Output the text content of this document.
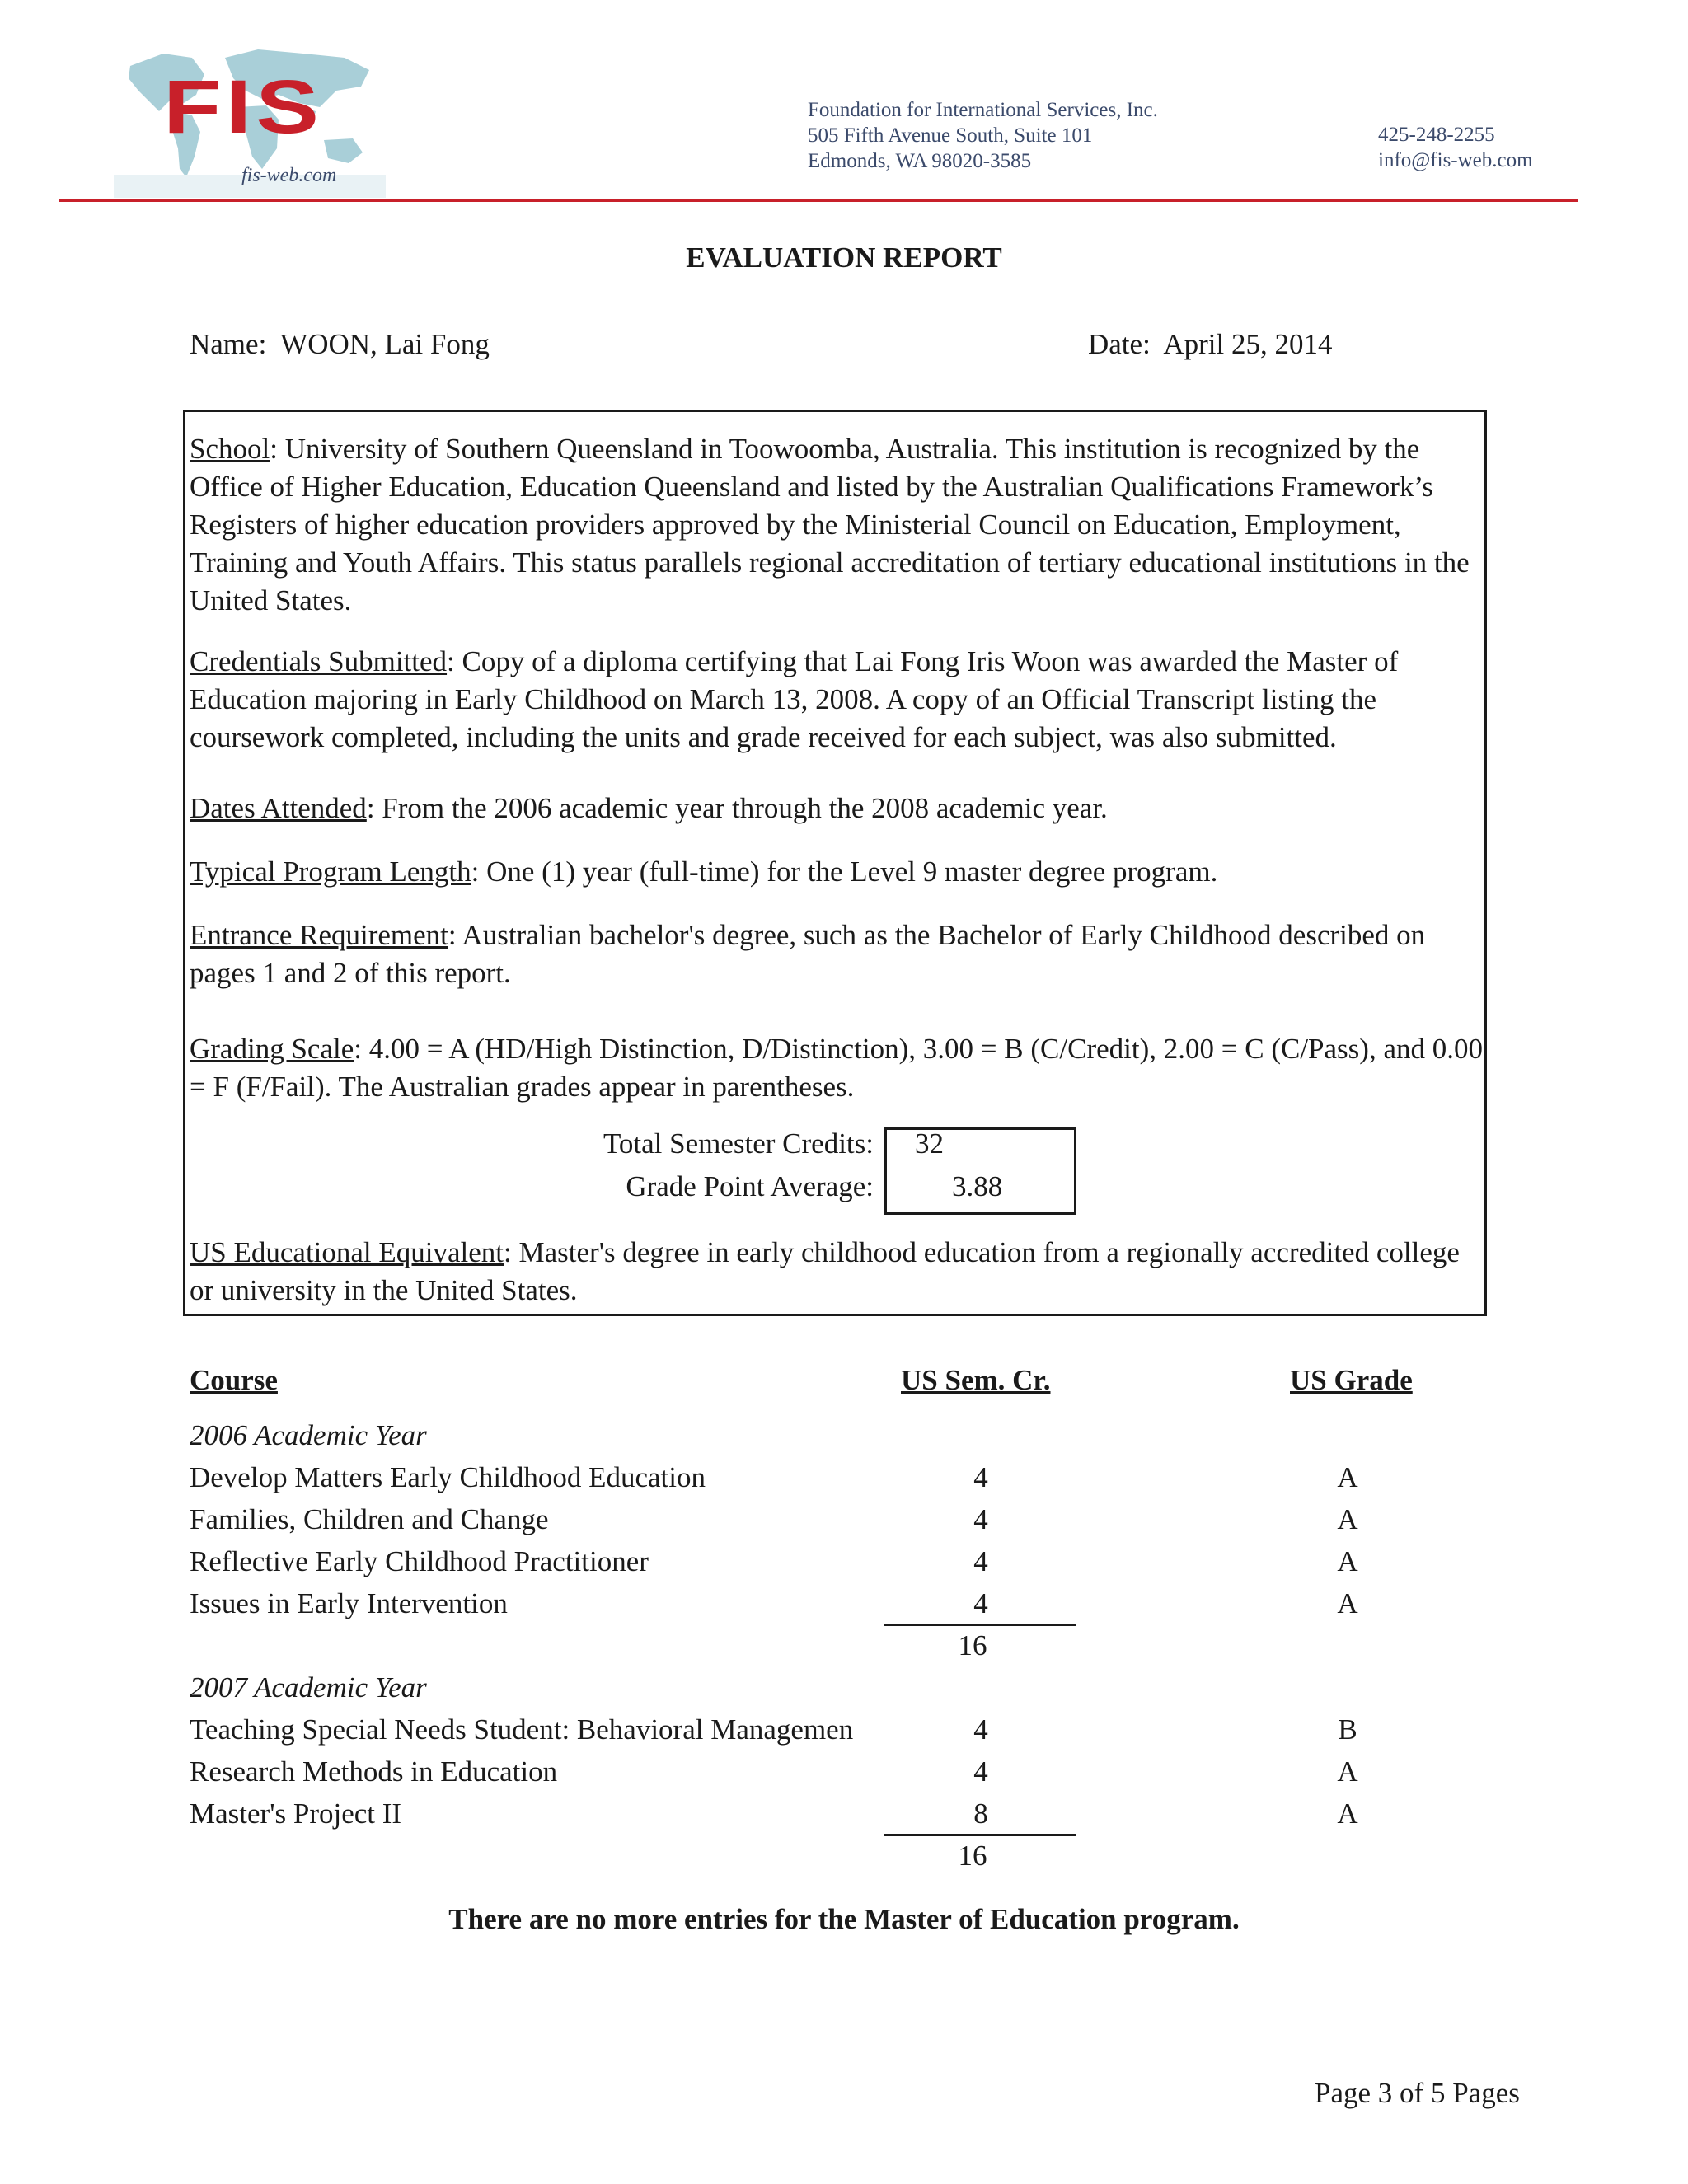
FIS
fis-web.com
Foundation for International Services, Inc.
505 Fifth Avenue South, Suite 101
Edmonds, WA 98020-3585
425-248-2255
info@fis-web.com
EVALUATION REPORT
Name: WOON, Lai Fong	Date: April 25, 2014
School: University of Southern Queensland in Toowoomba, Australia. This institution is recognized by the Office of Higher Education, Education Queensland and listed by the Australian Qualifications Framework’s Registers of higher education providers approved by the Ministerial Council on Education, Employment, Training and Youth Affairs. This status parallels regional accreditation of tertiary educational institutions in the United States.
Credentials Submitted: Copy of a diploma certifying that Lai Fong Iris Woon was awarded the Master of Education majoring in Early Childhood on March 13, 2008. A copy of an Official Transcript listing the coursework completed, including the units and grade received for each subject, was also submitted.
Dates Attended: From the 2006 academic year through the 2008 academic year.
Typical Program Length: One (1) year (full-time) for the Level 9 master degree program.
Entrance Requirement: Australian bachelor's degree, such as the Bachelor of Early Childhood described on pages 1 and 2 of this report.
Grading Scale: 4.00 = A (HD/High Distinction, D/Distinction), 3.00 = B (C/Credit), 2.00 = C (C/Pass), and 0.00 = F (F/Fail). The Australian grades appear in parentheses.
Total Semester Credits: 32
Grade Point Average:	3.88
US Educational Equivalent: Master's degree in early childhood education from a regionally accredited college or university in the United States.
Course	US Sem. Cr.	US Grade
2006 Academic Year
Develop Matters Early Childhood Education	4	A
Families, Children and Change	4	A
Reflective Early Childhood Practitioner	4	A
Issues in Early Intervention	4	A
16
2007 Academic Year
Teaching Special Needs Student: Behavioral Managemen	4	B
Research Methods in Education	4	A
Master's Project II	8	A
16
There are no more entries for the Master of Education program.
Page 3 of 5 Pages
